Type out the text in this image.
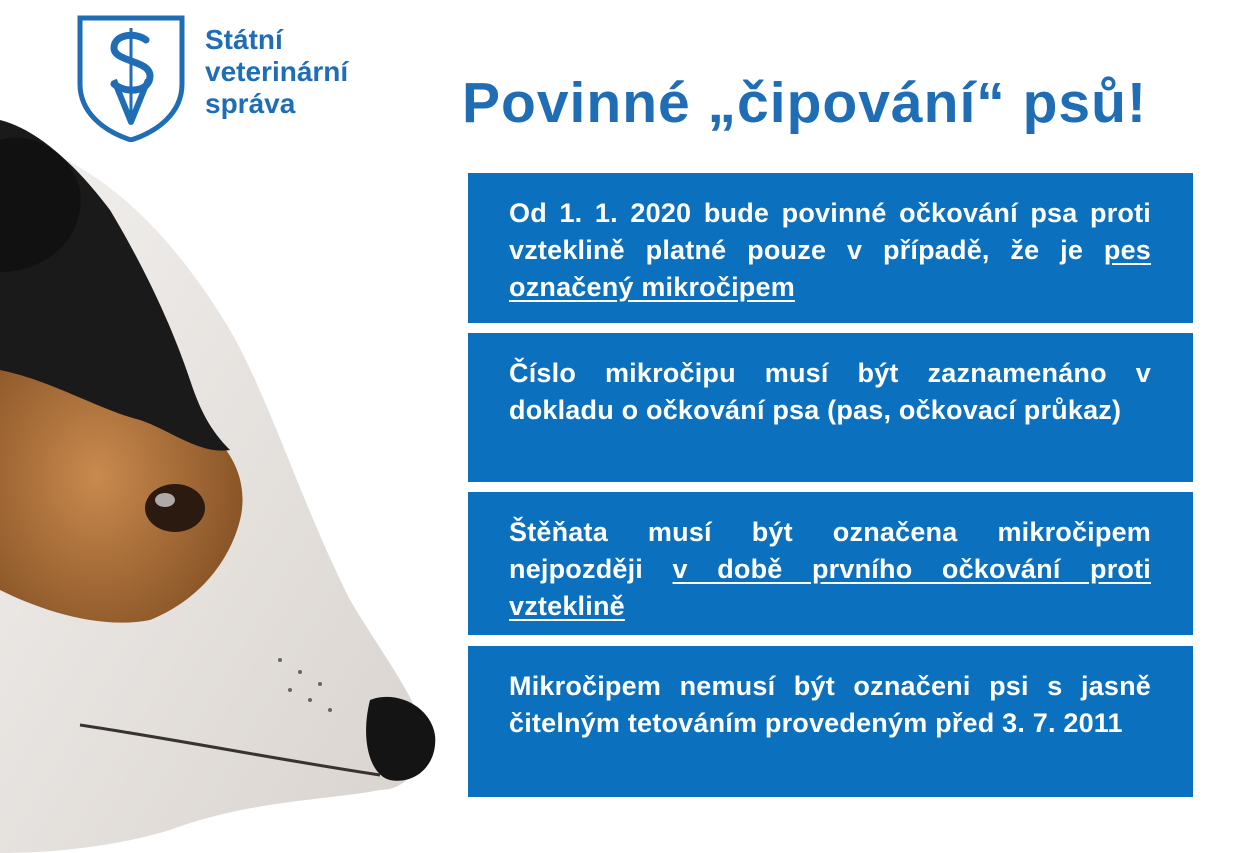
Státní
veterinární
správa	Povinné „čipování“ psů!
Od 1. 1. 2020 bude povinné očkování psa proti vzteklině platné pouze v případě, že je pes označený mikročipem
Číslo mikročipu musí být zaznamenáno v dokladu o očkování psa (pas, očkovací průkaz)
Štěňata musí být označena mikročipem nejpozději v době prvního očkování proti vzteklině
Mikročipem nemusí být označeni psi s jasně čitelným tetováním provedeným před 3. 7. 2011
